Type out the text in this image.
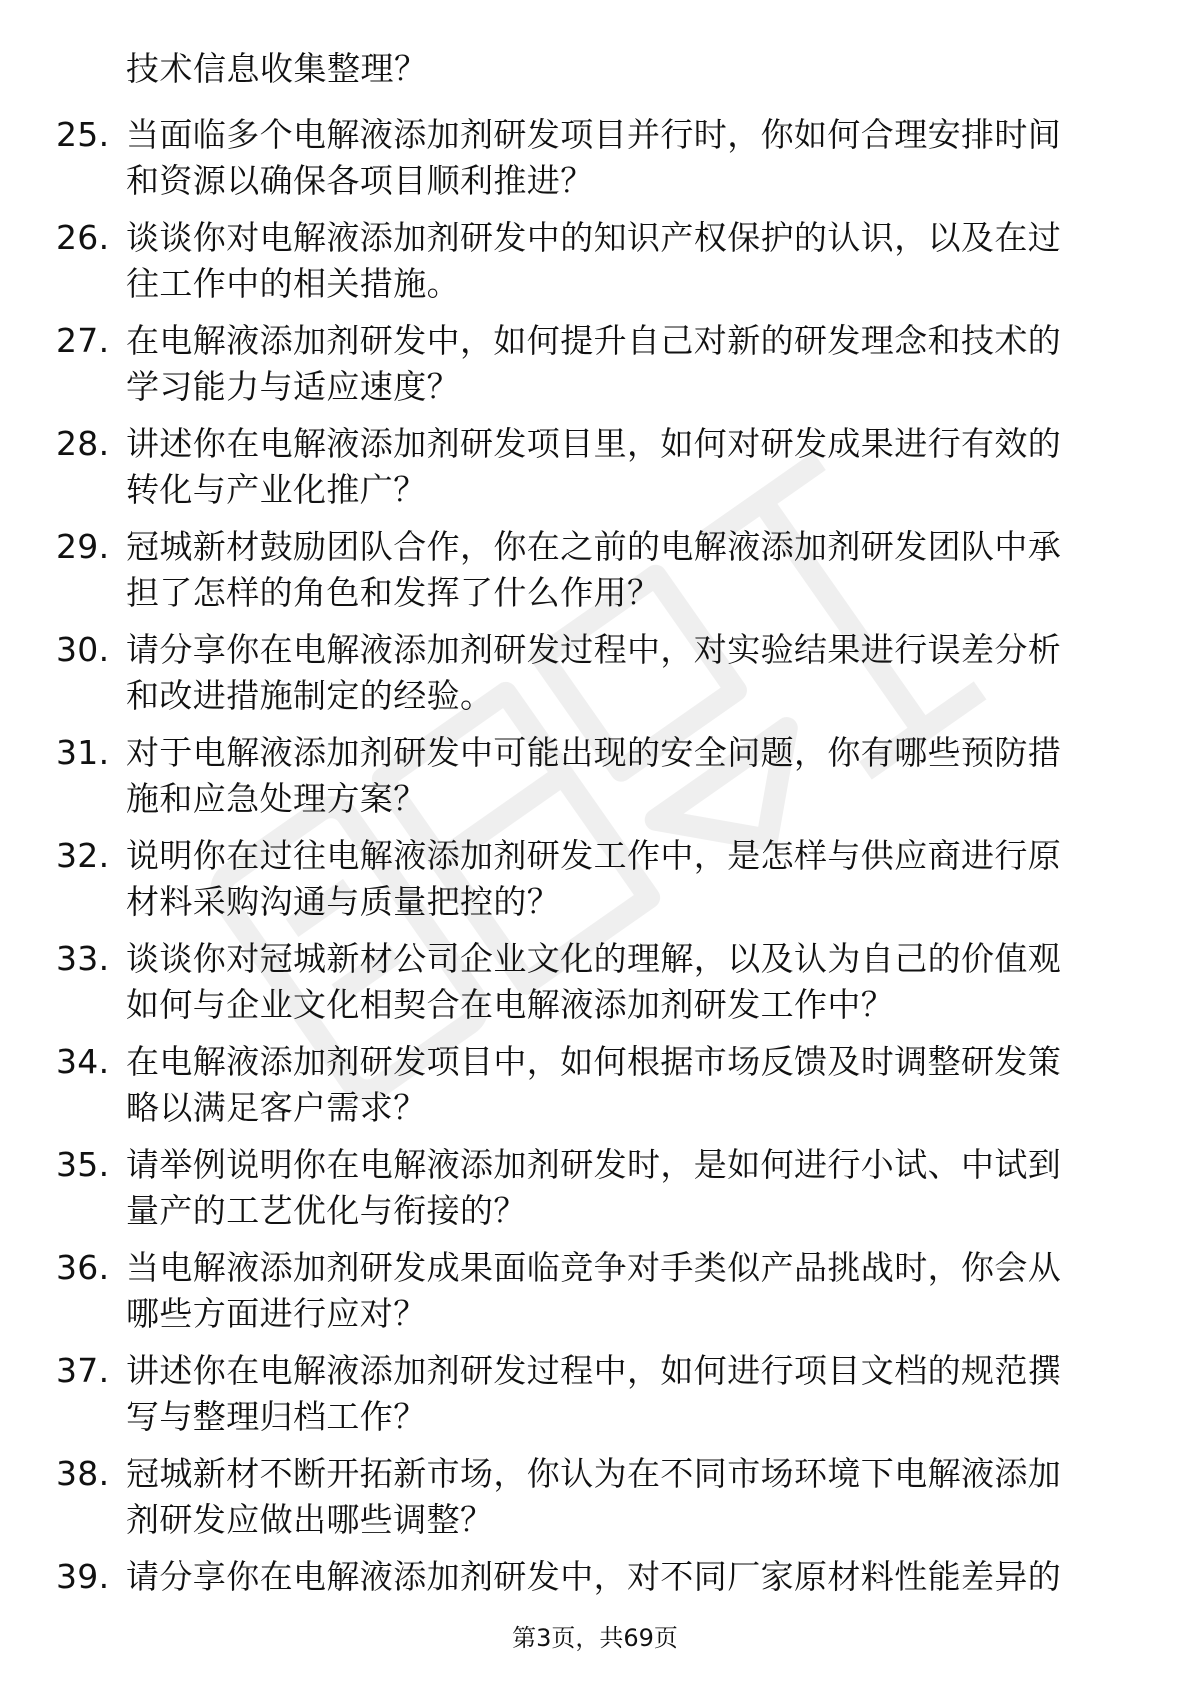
技术信息收集整理？
25. 当面临多个电解液添加剂研发项目并行时，你如何合理安排时间
和资源以确保各项目顺利推进？
26. 谈谈你对电解液添加剂研发中的知识产权保护的认识，以及在过
往工作中的相关措施。
27. 在电解液添加剂研发中，如何提升自己对新的研发理念和技术的
学习能力与适应速度？
28. 讲述你在电解液添加剂研发项目里，如何对研发成果进行有效的
转化与产业化推广？
29. 冠城新材鼓励团队合作，你在之前的电解液添加剂研发团队中承
担了怎样的角色和发挥了什么作用？
30. 请分享你在电解液添加剂研发过程中，对实验结果进行误差分析
和改进措施制定的经验。
31. 对于电解液添加剂研发中可能出现的安全问题，你有哪些预防措
施和应急处理方案？
32. 说明你在过往电解液添加剂研发工作中，是怎样与供应商进行原
材料采购沟通与质量把控的？
33. 谈谈你对冠城新材公司企业文化的理解，以及认为自己的价值观
如何与企业文化相契合在电解液添加剂研发工作中？
34. 在电解液添加剂研发项目中，如何根据市场反馈及时调整研发策
略以满足客户需求？
35. 请举例说明你在电解液添加剂研发时，是如何进行小试、中试到
量产的工艺优化与衔接的？
36. 当电解液添加剂研发成果面临竞争对手类似产品挑战时，你会从
哪些方面进行应对？
37. 讲述你在电解液添加剂研发过程中，如何进行项目文档的规范撰
写与整理归档工作？
38. 冠城新材不断开拓新市场，你认为在不同市场环境下电解液添加
剂研发应做出哪些调整？
39. 请分享你在电解液添加剂研发中，对不同厂家原材料性能差异的
第3页，共69页
